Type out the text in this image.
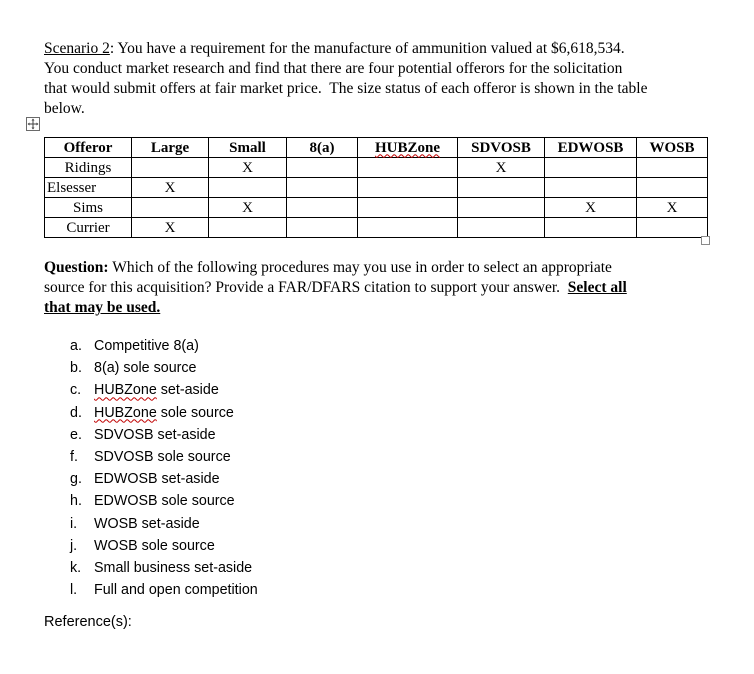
Scenario 2: You have a requirement for the manufacture of ammunition valued at $6,618,534.
You conduct market research and find that there are four potential offerors for the solicitation
that would submit offers at fair market price.  The size status of each offeror is shown in the table
below.
Offeror	Large	Small	8(a)	HUBZone	SDVOSB	EDWOSB	WOSB
Ridings		X			X		
Elsesser	X						
Sims		X				X	X
Currier	X						
Question: Which of the following procedures may you use in order to select an appropriate
source for this acquisition? Provide a FAR/DFARS citation to support your answer.  Select all
that may be used.
a. Competitive 8(a)
b. 8(a) sole source
c. HUBZone set-aside
d. HUBZone sole source
e. SDVOSB set-aside
f. SDVOSB sole source
g. EDWOSB set-aside
h. EDWOSB sole source
i. WOSB set-aside
j. WOSB sole source
k. Small business set-aside
l. Full and open competition
Reference(s):
